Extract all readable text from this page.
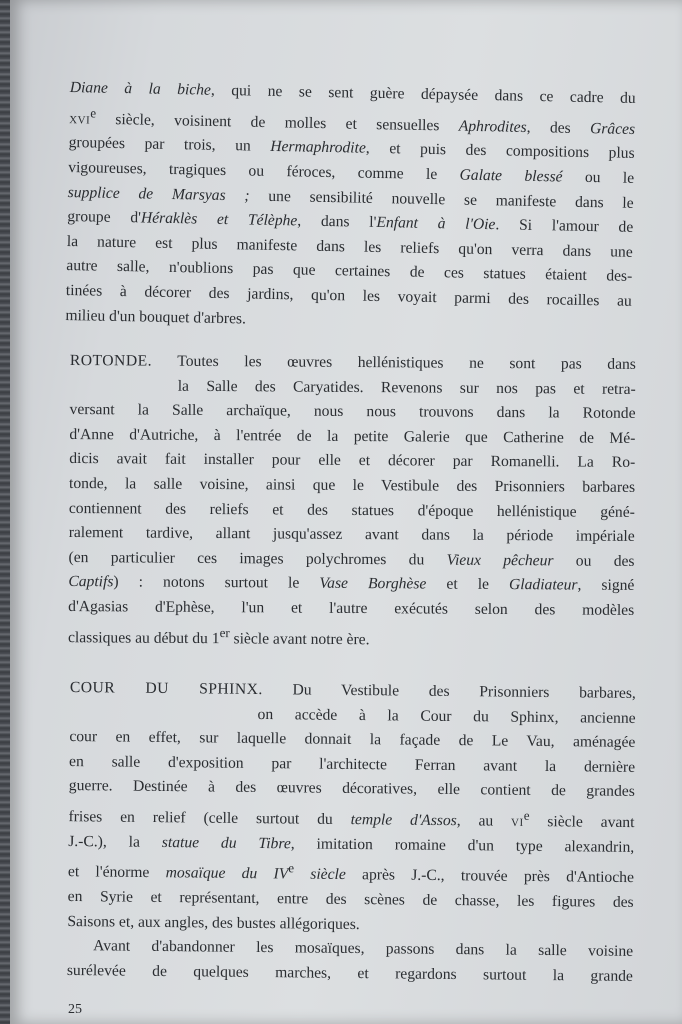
Diane à la biche, qui ne se sent guère dépaysée dans ce cadre du
xvi$^e$ siècle, voisinent de molles et sensuelles Aphrodites, des Grâces
groupées par trois, un Hermaphrodite, et puis des compositions plus
vigoureuses, tragiques ou féroces, comme le Galate blessé ou le
supplice de Marsyas ; une sensibilité nouvelle se manifeste dans le
groupe d'Héraklès et Télèphe, dans l'Enfant à l'Oie. Si l'amour de
la nature est plus manifeste dans les reliefs qu'on verra dans une
autre salle, n'oublions pas que certaines de ces statues étaient des-
tinées à décorer des jardins, qu'on les voyait parmi des rocailles au
milieu d'un bouquet d'arbres.
ROTONDE. Toutes les œuvres hellénistiques ne sont pas dans
la Salle des Caryatides. Revenons sur nos pas et retra-
versant la Salle archaïque, nous nous trouvons dans la Rotonde
d'Anne d'Autriche, à l'entrée de la petite Galerie que Catherine de Mé-
dicis avait fait installer pour elle et décorer par Romanelli. La Ro-
tonde, la salle voisine, ainsi que le Vestibule des Prisonniers barbares
contiennent des reliefs et des statues d'époque hellénistique géné-
ralement tardive, allant jusqu'assez avant dans la période impériale
(en particulier ces images polychromes du Vieux pêcheur ou des
Captifs) : notons surtout le Vase Borghèse et le Gladiateur, signé
d'Agasias d'Ephèse, l'un et l'autre exécutés selon des modèles
classiques au début du 1er siècle avant notre ère.
COUR DU SPHINX. Du Vestibule des Prisonniers barbares,
on accède à la Cour du Sphinx, ancienne
cour en effet, sur laquelle donnait la façade de Le Vau, aménagée
en salle d'exposition par l'architecte Ferran avant la dernière
guerre. Destinée à des œuvres décoratives, elle contient de grandes
frises en relief (celle surtout du temple d'Assos, au $vi^e$ siècle avant
J.-C.), la statue du Tibre, imitation romaine d'un type alexandrin,
et l'énorme mosaïque du IVe siècle après J.-C., trouvée près d'Antioche
en Syrie et représentant, entre des scènes de chasse, les figures des
Saisons et, aux angles, des bustes allégoriques.
Avant d'abandonner les mosaïques, passons dans la salle voisine
surélevée de quelques marches, et regardons surtout la grande
25
